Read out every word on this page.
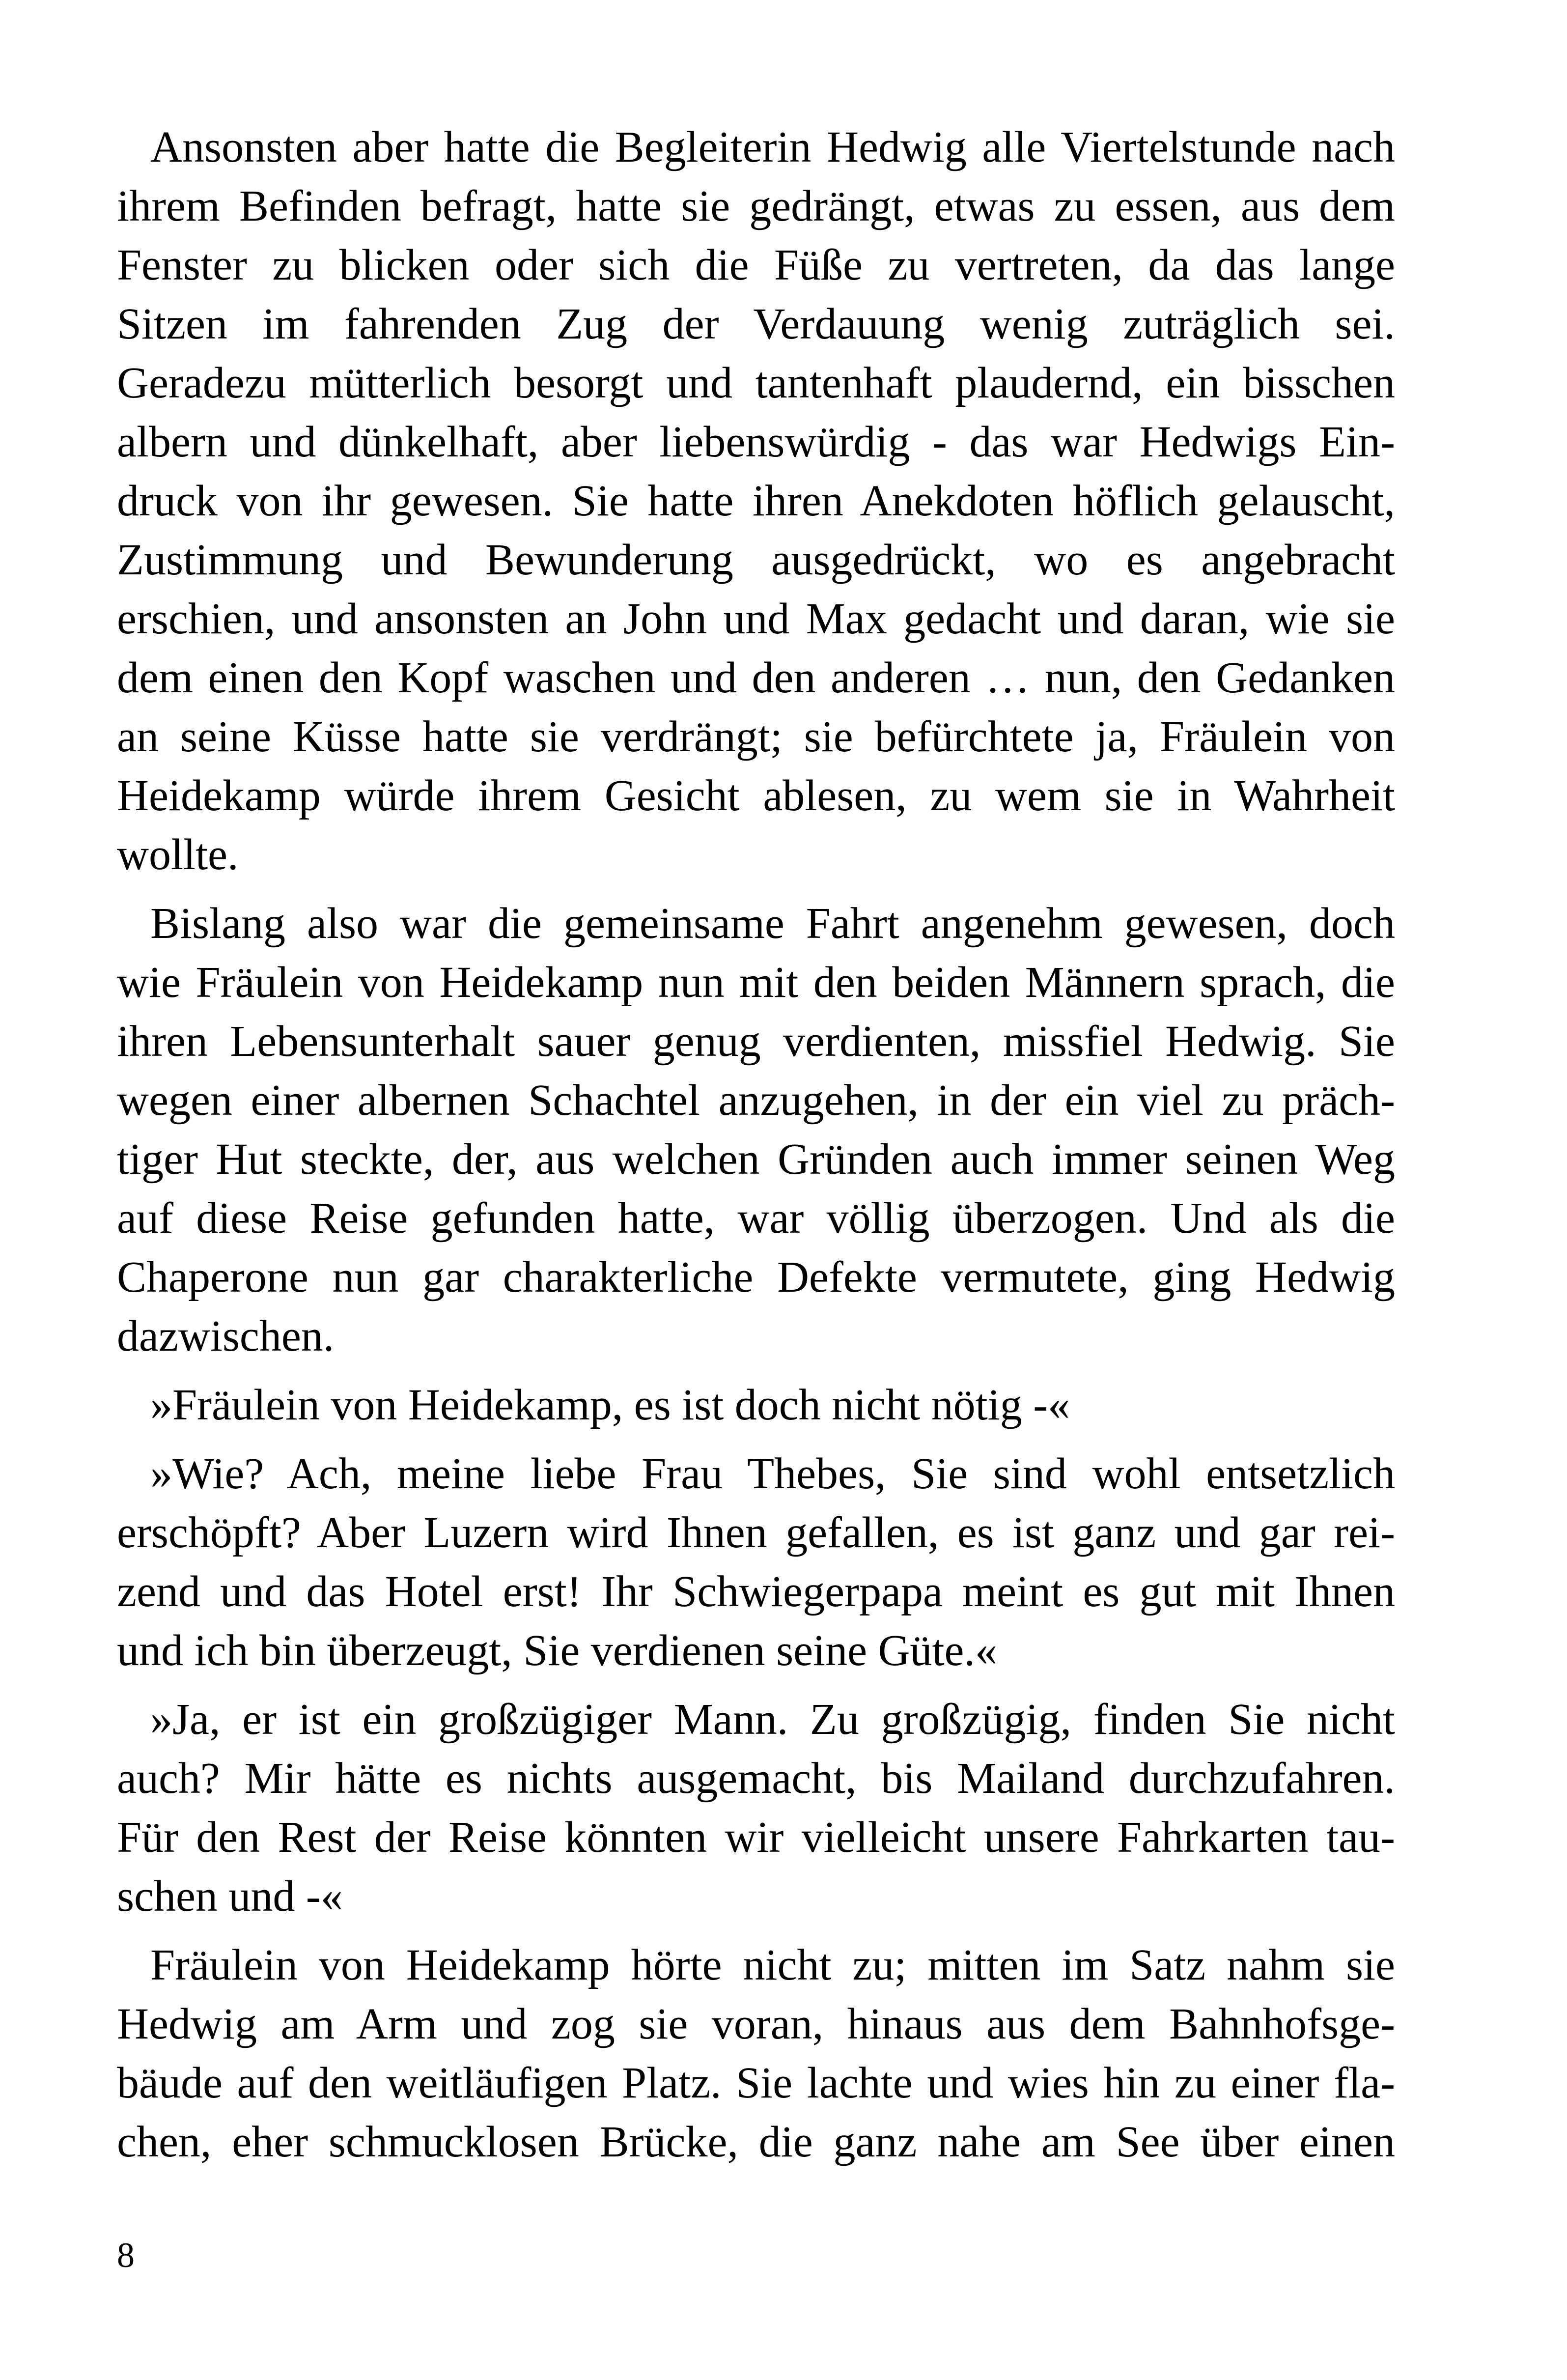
Ansonsten aber hatte die Begleiterin Hedwig alle Viertelstunde nach
ihrem Befinden befragt, hatte sie gedrängt, etwas zu essen, aus dem
Fenster zu blicken oder sich die Füße zu vertreten, da das lange
Sitzen im fahrenden Zug der Verdauung wenig zuträglich sei.
Geradezu mütterlich besorgt und tantenhaft plaudernd, ein bisschen
albern und dünkelhaft, aber liebenswürdig - das war Hedwigs Ein-
druck von ihr gewesen. Sie hatte ihren Anekdoten höflich gelauscht,
Zustimmung und Bewunderung ausgedrückt, wo es angebracht
erschien, und ansonsten an John und Max gedacht und daran, wie sie
dem einen den Kopf waschen und den anderen … nun, den Gedanken
an seine Küsse hatte sie verdrängt; sie befürchtete ja, Fräulein von
Heidekamp würde ihrem Gesicht ablesen, zu wem sie in Wahrheit
wollte.
Bislang also war die gemeinsame Fahrt angenehm gewesen, doch
wie Fräulein von Heidekamp nun mit den beiden Männern sprach, die
ihren Lebensunterhalt sauer genug verdienten, missfiel Hedwig. Sie
wegen einer albernen Schachtel anzugehen, in der ein viel zu präch-
tiger Hut steckte, der, aus welchen Gründen auch immer seinen Weg
auf diese Reise gefunden hatte, war völlig überzogen. Und als die
Chaperone nun gar charakterliche Defekte vermutete, ging Hedwig
dazwischen.
»Fräulein von Heidekamp, es ist doch nicht nötig -«
»Wie? Ach, meine liebe Frau Thebes, Sie sind wohl entsetzlich
erschöpft? Aber Luzern wird Ihnen gefallen, es ist ganz und gar rei-
zend und das Hotel erst! Ihr Schwiegerpapa meint es gut mit Ihnen
und ich bin überzeugt, Sie verdienen seine Güte.«
»Ja, er ist ein großzügiger Mann. Zu großzügig, finden Sie nicht
auch? Mir hätte es nichts ausgemacht, bis Mailand durchzufahren.
Für den Rest der Reise könnten wir vielleicht unsere Fahrkarten tau-
schen und -«
Fräulein von Heidekamp hörte nicht zu; mitten im Satz nahm sie
Hedwig am Arm und zog sie voran, hinaus aus dem Bahnhofsge-
bäude auf den weitläufigen Platz. Sie lachte und wies hin zu einer fla-
chen, eher schmucklosen Brücke, die ganz nahe am See über einen
8
